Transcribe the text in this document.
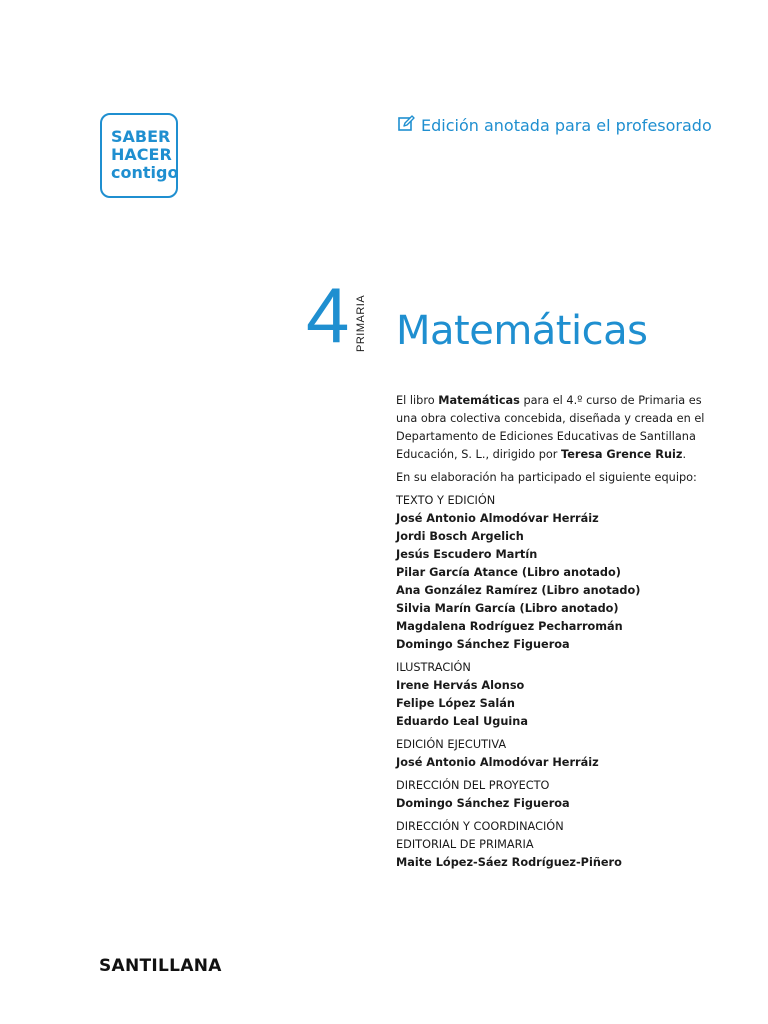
SABER
HACER
contigo
Edición anotada para el profesorado
4 PRIMARIA Matemáticas

El libro Matemáticas para el 4.º curso de Primaria es una obra colectiva concebida, diseñada y creada en el Departamento de Ediciones Educativas de Santillana Educación, S. L., dirigido por Teresa Grence Ruiz.

En su elaboración ha participado el siguiente equipo:

TEXTO Y EDICIÓN
José Antonio Almodóvar Herráiz
Jordi Bosch Argelich
Jesús Escudero Martín
Pilar García Atance (Libro anotado)
Ana González Ramírez (Libro anotado)
Silvia Marín García (Libro anotado)
Magdalena Rodríguez Pecharromán
Domingo Sánchez Figueroa
ILUSTRACIÓN
Irene Hervás Alonso
Felipe López Salán
Eduardo Leal Uguina
EDICIÓN EJECUTIVA
José Antonio Almodóvar Herráiz
DIRECCIÓN DEL PROYECTO
Domingo Sánchez Figueroa
DIRECCIÓN Y COORDINACIÓN
EDITORIAL DE PRIMARIA
Maite López-Sáez Rodríguez-Piñero
SANTILLANA
